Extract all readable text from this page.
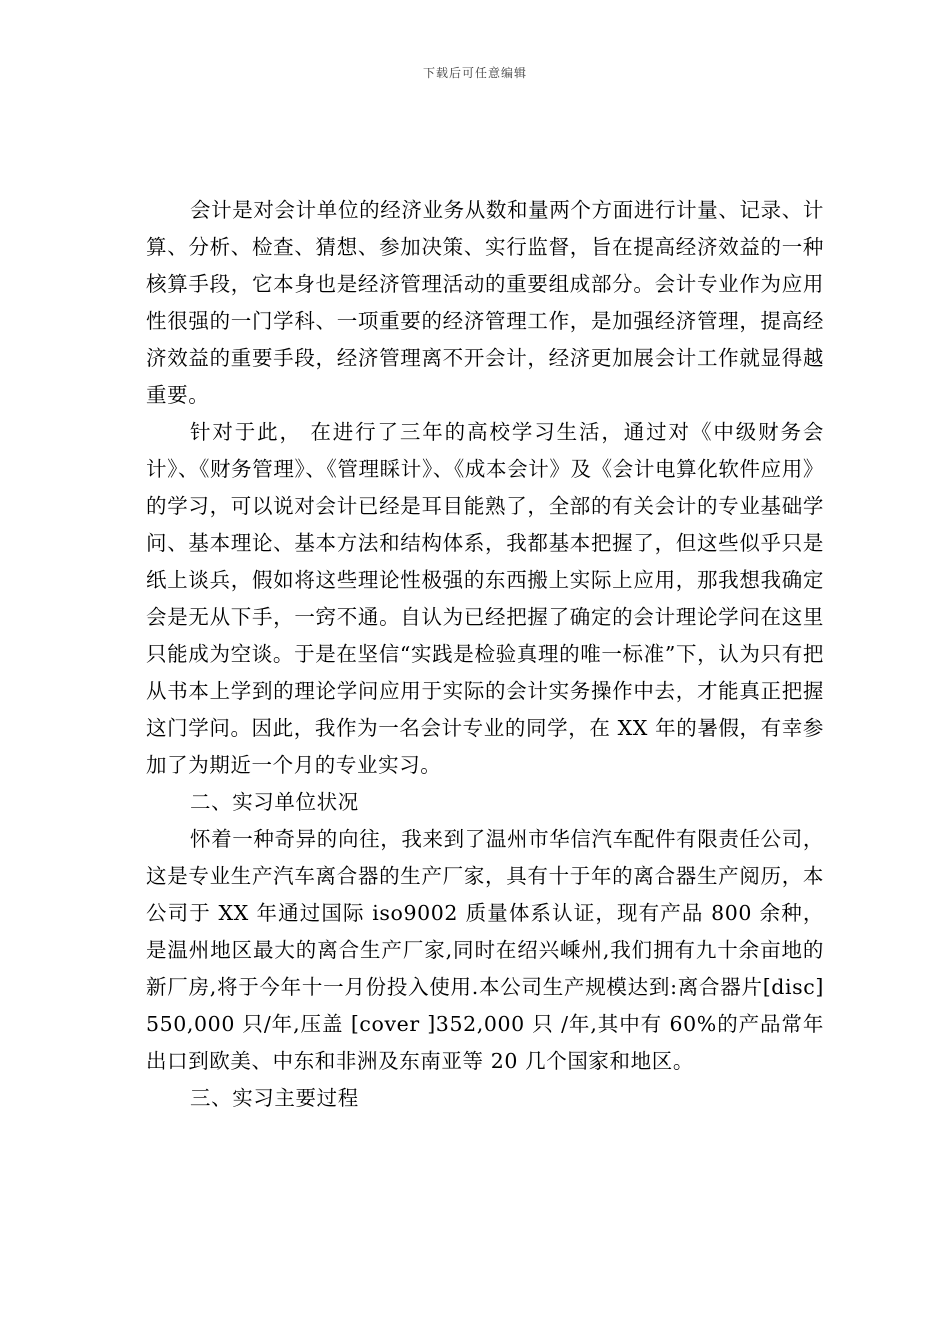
下载后可任意编辑

会计是对会计单位的经济业务从数和量两个方面进行计量、记录、计算、分析、检查、猜想、参加决策、实行监督，旨在提高经济效益的一种核算手段，它本身也是经济管理活动的重要组成部分。会计专业作为应用性很强的一门学科、一项重要的经济管理工作，是加强经济管理，提高经济效益的重要手段，经济管理离不开会计，经济更加展会计工作就显得越重要。

针对于此， 在进行了三年的高校学习生活，通过对《中级财务会计》、《财务管理》、《管理睬计》、《成本会计》及《会计电算化软件应用》的学习，可以说对会计已经是耳目能熟了，全部的有关会计的专业基础学问、基本理论、基本方法和结构体系，我都基本把握了，但这些似乎只是纸上谈兵，假如将这些理论性极强的东西搬上实际上应用，那我想我确定会是无从下手，一窍不通。自认为已经把握了确定的会计理论学问在这里只能成为空谈。于是在坚信“实践是检验真理的唯一标准”下，认为只有把从书本上学到的理论学问应用于实际的会计实务操作中去，才能真正把握这门学问。因此，我作为一名会计专业的同学，在 XX 年的暑假，有幸参加了为期近一个月的专业实习。

二、实习单位状况

怀着一种奇异的向往，我来到了温州市华信汽车配件有限责任公司，这是专业生产汽车离合器的生产厂家，具有十于年的离合器生产阅历，本公司于 XX 年通过国际 iso9002 质量体系认证，现有产品 800 余种，是温州地区最大的离合生产厂家,同时在绍兴嵊州,我们拥有九十余亩地的新厂房,将于今年十一月份投入使用.本公司生产规模达到:离合器片[disc] 550,000 只/年,压盖 [cover ]352,000 只 /年,其中有 60%的产品常年出口到欧美、中东和非洲及东南亚等 20 几个国家和地区。

三、实习主要过程
